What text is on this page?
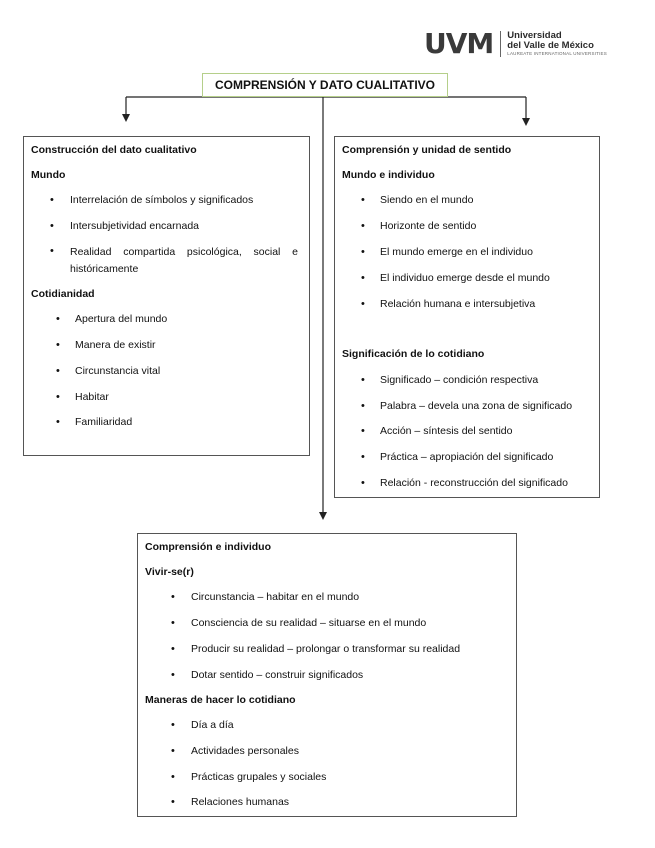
UVM Universidad
del Valle de México
LAUREATE INTERNATIONAL UNIVERSITIES
COMPRENSIÓN Y DATO CUALITATIVO
Construcción del dato cualitativo
Mundo
• Interrelación de símbolos y significados
• Intersubjetividad encarnada
• Realidad compartida psicológica, social e históricamente
Cotidianidad
• Apertura del mundo
• Manera de existir
• Circunstancia vital
• Habitar
• Familiaridad
Comprensión y unidad de sentido
Mundo e individuo
• Siendo en el mundo
• Horizonte de sentido
• El mundo emerge en el individuo
• El individuo emerge desde el mundo
• Relación humana e intersubjetiva
Significación de lo cotidiano
• Significado – condición respectiva
• Palabra – devela una zona de significado
• Acción – síntesis del sentido
• Práctica – apropiación del significado
• Relación - reconstrucción del significado
Comprensión e individuo
Vivir-se(r)
• Circunstancia – habitar en el mundo
• Consciencia de su realidad – situarse en el mundo
• Producir su realidad – prolongar o transformar su realidad
• Dotar sentido – construir significados
Maneras de hacer lo cotidiano
• Día a día
• Actividades personales
• Prácticas grupales y sociales
• Relaciones humanas
